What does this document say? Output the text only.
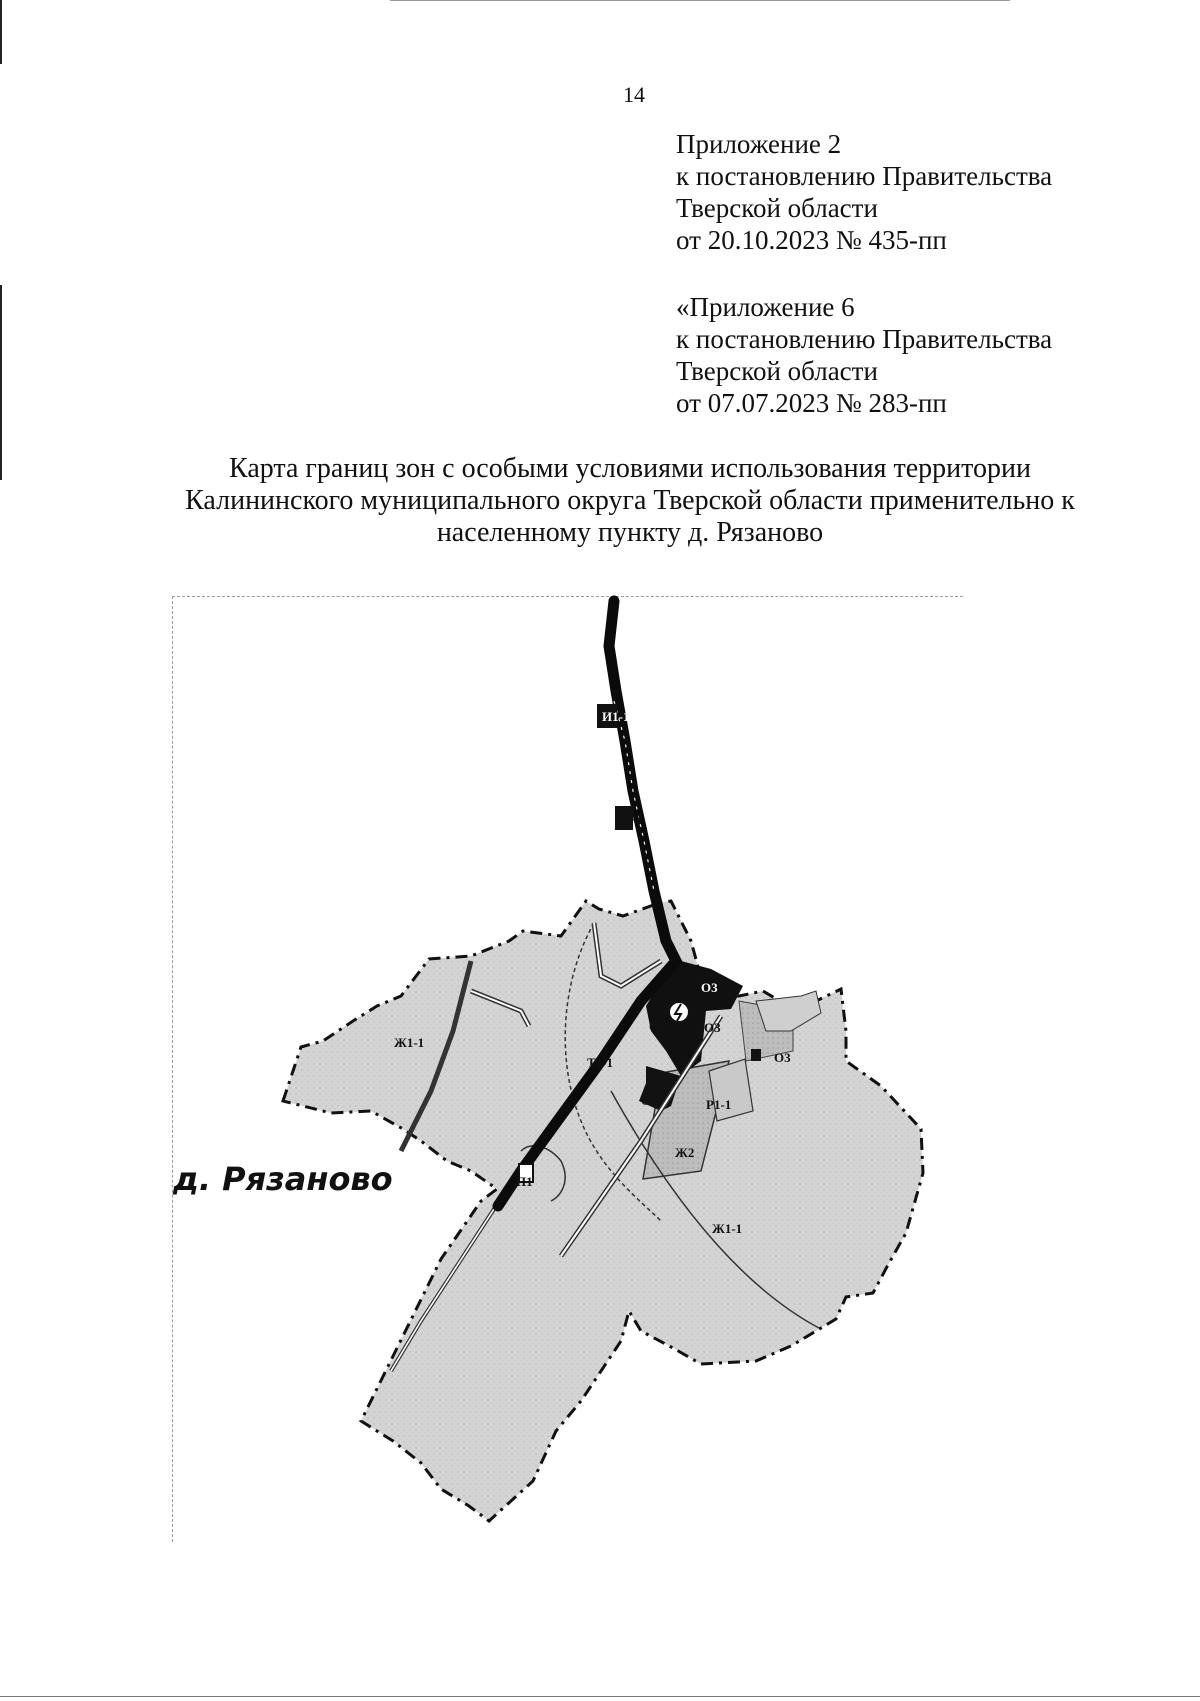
14
Приложение 2
к постановлению Правительства
Тверской области
от 20.10.2023 № 435-пп
«Приложение 6
к постановлению Правительства
Тверской области
от 07.07.2023 № 283-пп
Карта границ зон с особыми условиями использования территории
Калининского муниципального округа Тверской области применительно к
населенному пункту д. Рязаново
И1-1
И1-1
Ж1-1
Т1-1
О3
О3	О3
О3
О3	Р1-1
Ж2
П1
Ж1-1
д. Рязаново
